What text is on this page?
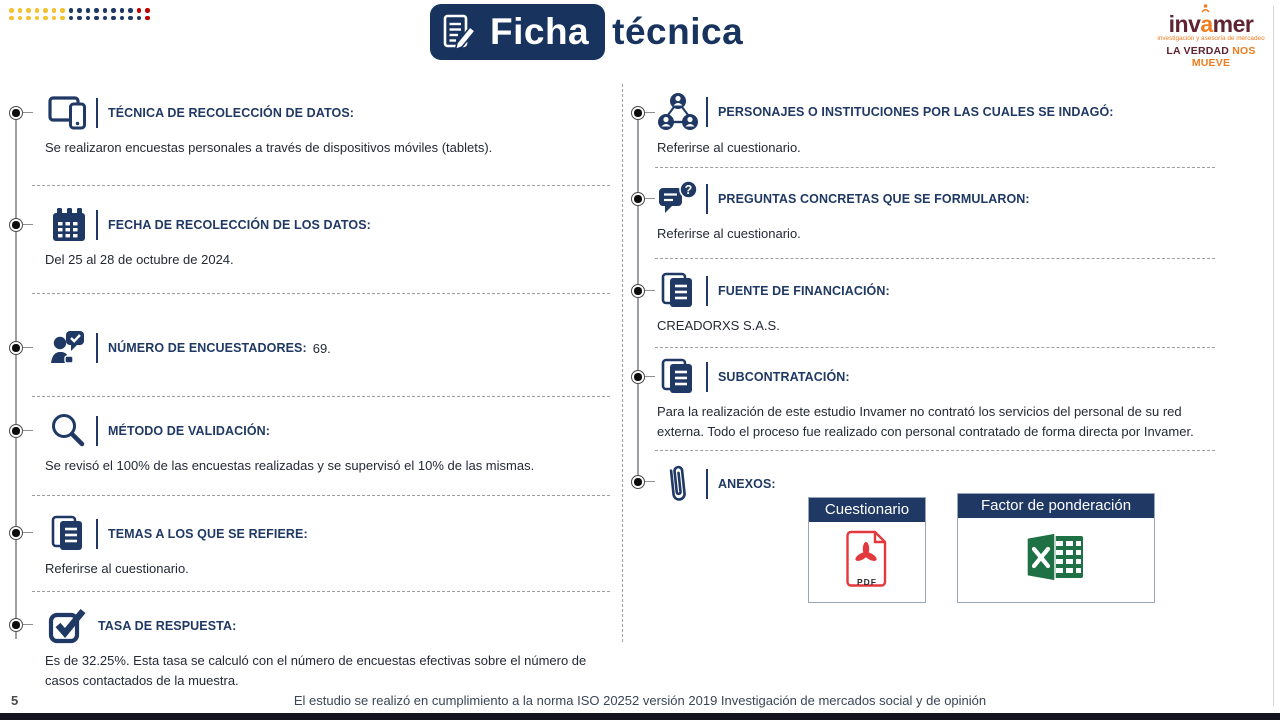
Ficha técnica	inv
amer
investigación y asesoría de mercadeo
LA VERDAD NOS MUEVE
TÉCNICA DE RECOLECCIÓN DE DATOS:

Se realizaron encuestas personales a través de dispositivos móviles (tablets).

FECHA DE RECOLECCIÓN DE LOS DATOS:

Del 25 al 28 de octubre de 2024.

NÚMERO DE ENCUESTADORES: 69.
MÉTODO DE VALIDACIÓN:

Se revisó el 100% de las encuestas realizadas y se supervisó el 10% de las mismas.

TEMAS A LOS QUE SE REFIERE:

Referirse al cuestionario.

TASA DE RESPUESTA:

Es de 32.25%. Esta tasa se calculó con el número de encuestas efectivas sobre el número de casos contactados de la muestra.

PERSONAJES O INSTITUCIONES POR LAS CUALES SE INDAGÓ:

Referirse al cuestionario.

?
PREGUNTAS CONCRETAS QUE SE FORMULARON:

Referirse al cuestionario.

FUENTE DE FINANCIACIÓN:

CREADORXS S.A.S.

SUBCONTRATACIÓN:

Para la realización de este estudio Invamer no contrató los servicios del personal de su red externa. Todo el proceso fue realizado con personal contratado de forma directa por Invamer.

ANEXOS:
Cuestionario
PDF
Factor de ponderación
5	El estudio se realizó en cumplimiento a la norma ISO 20252 versión 2019 Investigación de mercados social y de opinión
